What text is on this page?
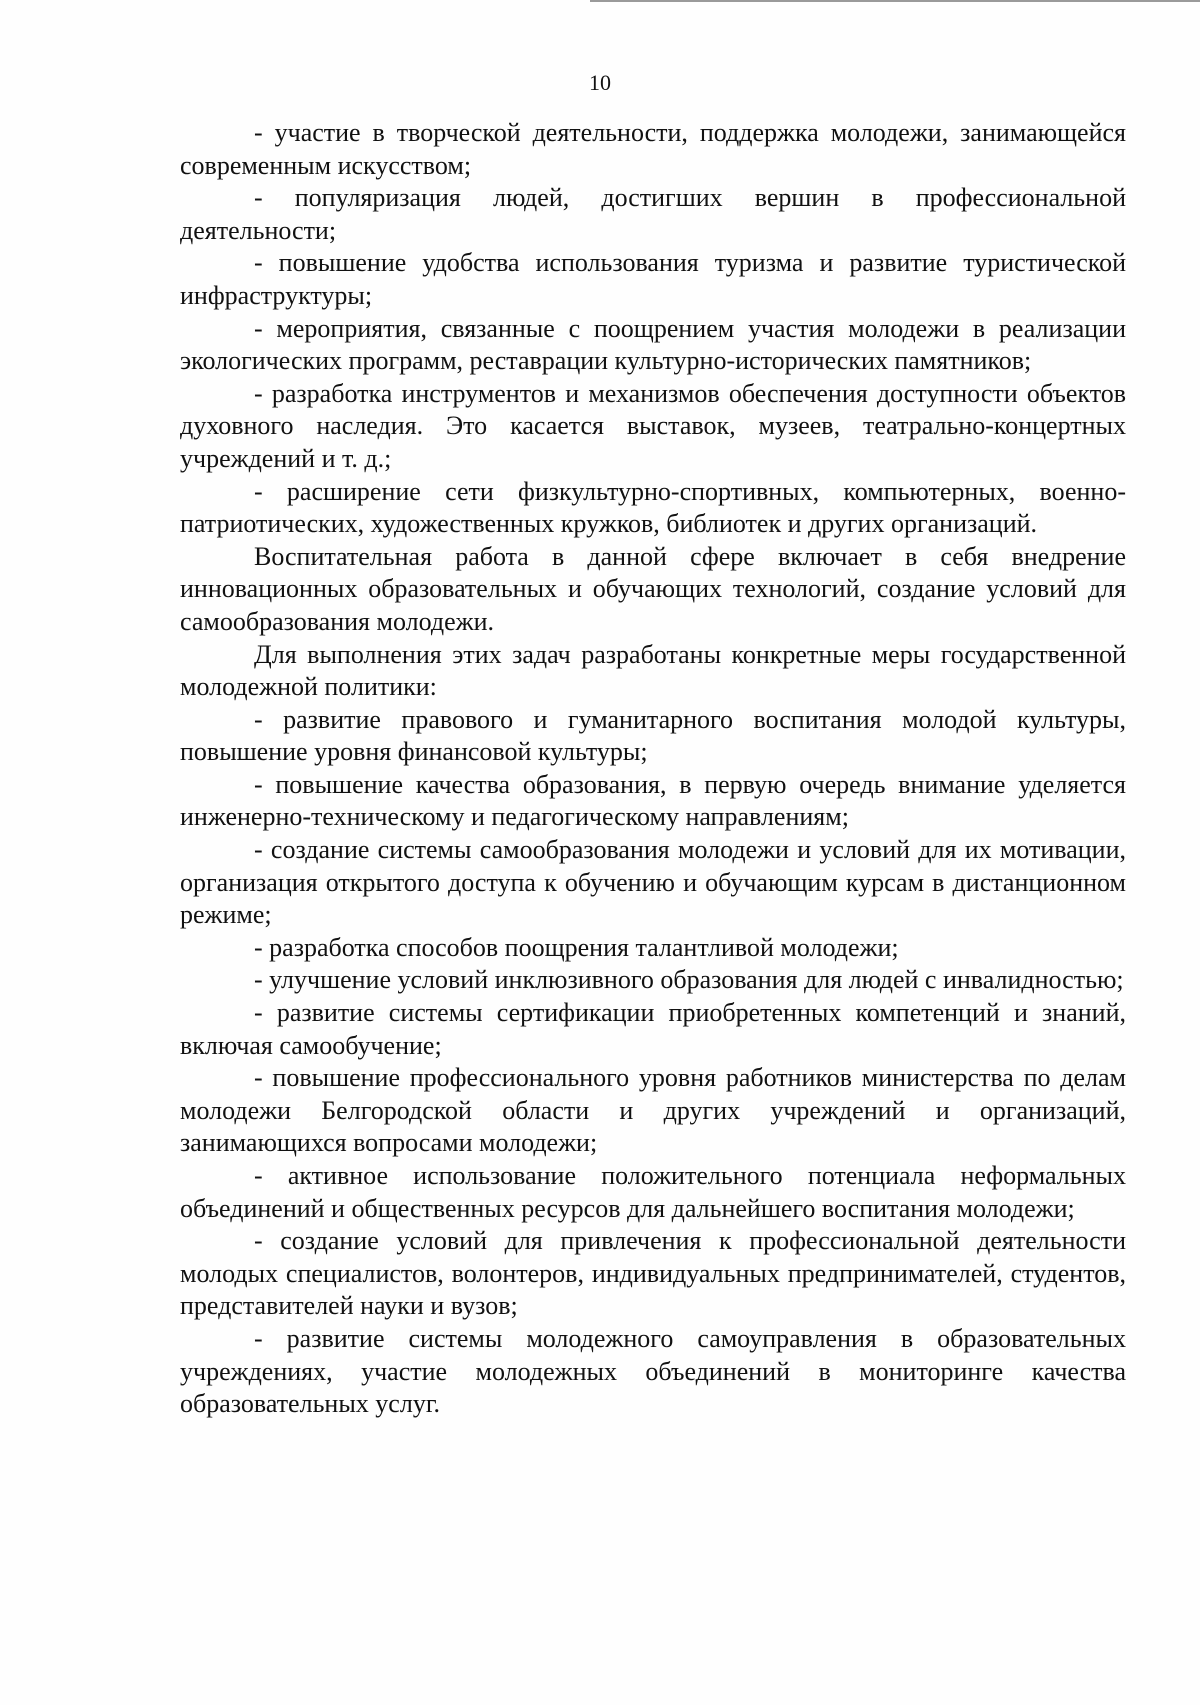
10

- участие в творческой деятельности, поддержка молодежи, занимающейся современным искусством;

- популяризация людей, достигших вершин в профессиональной деятельности;

- повышение удобства использования туризма и развитие туристической инфраструктуры;

- мероприятия, связанные с поощрением участия молодежи в реализации экологических программ, реставрации культурно-исторических памятников;

- разработка инструментов и механизмов обеспечения доступности объектов духовного наследия. Это касается выставок, музеев, театрально-концертных учреждений и т. д.;

- расширение сети физкультурно-спортивных, компьютерных, военно-патриотических, художественных кружков, библиотек и других организаций.

Воспитательная работа в данной сфере включает в себя внедрение инновационных образовательных и обучающих технологий, создание условий для самообразования молодежи.

Для выполнения этих задач разработаны конкретные меры государственной молодежной политики:

- развитие правового и гуманитарного воспитания молодой культуры, повышение уровня финансовой культуры;

- повышение качества образования, в первую очередь внимание уделяется инженерно-техническому и педагогическому направлениям;

- создание системы самообразования молодежи и условий для их мотивации, организация открытого доступа к обучению и обучающим курсам в дистанционном режиме;

- разработка способов поощрения талантливой молодежи;

- улучшение условий инклюзивного образования для людей с инвалидностью;

- развитие системы сертификации приобретенных компетенций и знаний, включая самообучение;

- повышение профессионального уровня работников министерства по делам молодежи Белгородской области и других учреждений и организаций, занимающихся вопросами молодежи;

- активное использование положительного потенциала неформальных объединений и общественных ресурсов для дальнейшего воспитания молодежи;

- создание условий для привлечения к профессиональной деятельности молодых специалистов, волонтеров, индивидуальных предпринимателей, студентов, представителей науки и вузов;

- развитие системы молодежного самоуправления в образовательных учреждениях, участие молодежных объединений в мониторинге качества образовательных услуг.
